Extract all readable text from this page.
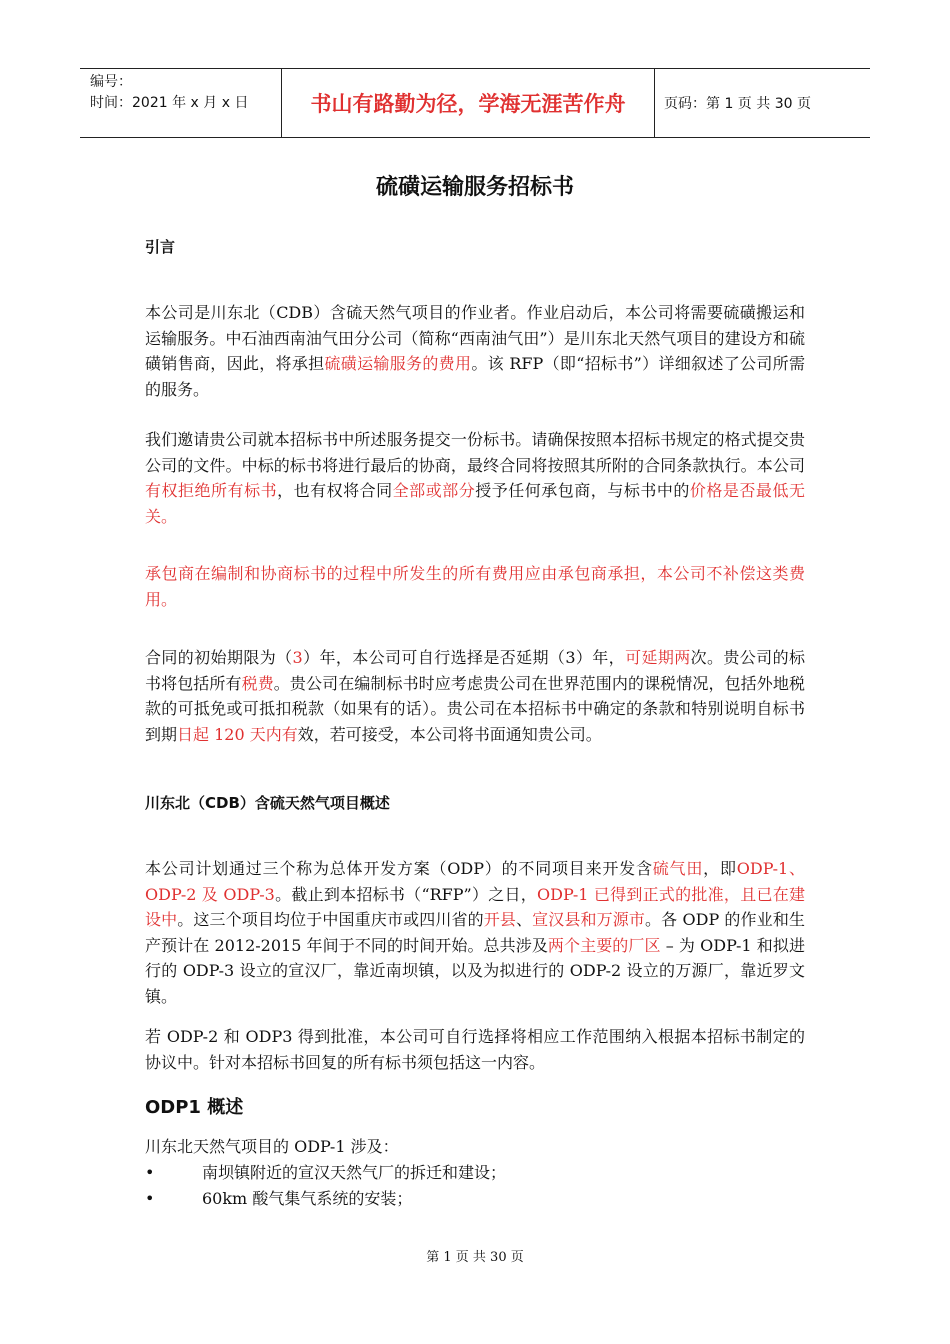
编号：
时间：2021 年 x 月 x 日	书山有路勤为径，学海无涯苦作舟	页码：第 1 页 共 30 页
硫磺运输服务招标书
引言
本公司是川东北（CDB）含硫天然气项目的作业者。作业启动后，本公司将需要硫磺搬运和运输服务。中石油西南油气田分公司（简称“西南油气田”）是川东北天然气项目的建设方和硫磺销售商，因此，将承担硫磺运输服务的费用。该 RFP（即“招标书”）详细叙述了公司所需的服务。
我们邀请贵公司就本招标书中所述服务提交一份标书。请确保按照本招标书规定的格式提交贵公司的文件。中标的标书将进行最后的协商，最终合同将按照其所附的合同条款执行。本公司有权拒绝所有标书，也有权将合同全部或部分授予任何承包商，与标书中的价格是否最低无关。
承包商在编制和协商标书的过程中所发生的所有费用应由承包商承担，本公司不补偿这类费用。
合同的初始期限为（3）年，本公司可自行选择是否延期（3）年，可延期两次。贵公司的标书将包括所有税费。贵公司在编制标书时应考虑贵公司在世界范围内的课税情况，包括外地税款的可抵免或可抵扣税款（如果有的话）。贵公司在本招标书中确定的条款和特别说明自标书到期日起 120 天内有效，若可接受，本公司将书面通知贵公司。
川东北（CDB）含硫天然气项目概述
本公司计划通过三个称为总体开发方案（ODP）的不同项目来开发含硫气田，即ODP-1、ODP-2 及 ODP-3。截止到本招标书（“RFP”）之日，ODP-1 已得到正式的批准，且已在建设中。这三个项目均位于中国重庆市或四川省的开县、宣汉县和万源市。各 ODP 的作业和生产预计在 2012-2015 年间于不同的时间开始。总共涉及两个主要的厂区 – 为 ODP-1 和拟进行的 ODP-3 设立的宣汉厂，靠近南坝镇，以及为拟进行的 ODP-2 设立的万源厂，靠近罗文镇。
若 ODP-2 和 ODP3 得到批准，本公司可自行选择将相应工作范围纳入根据本招标书制定的协议中。针对本招标书回复的所有标书须包括这一内容。
ODP1 概述
川东北天然气项目的 ODP-1 涉及：
•	南坝镇附近的宣汉天然气厂的拆迁和建设；
•	60km 酸气集气系统的安装；
第 1 页 共 30 页
